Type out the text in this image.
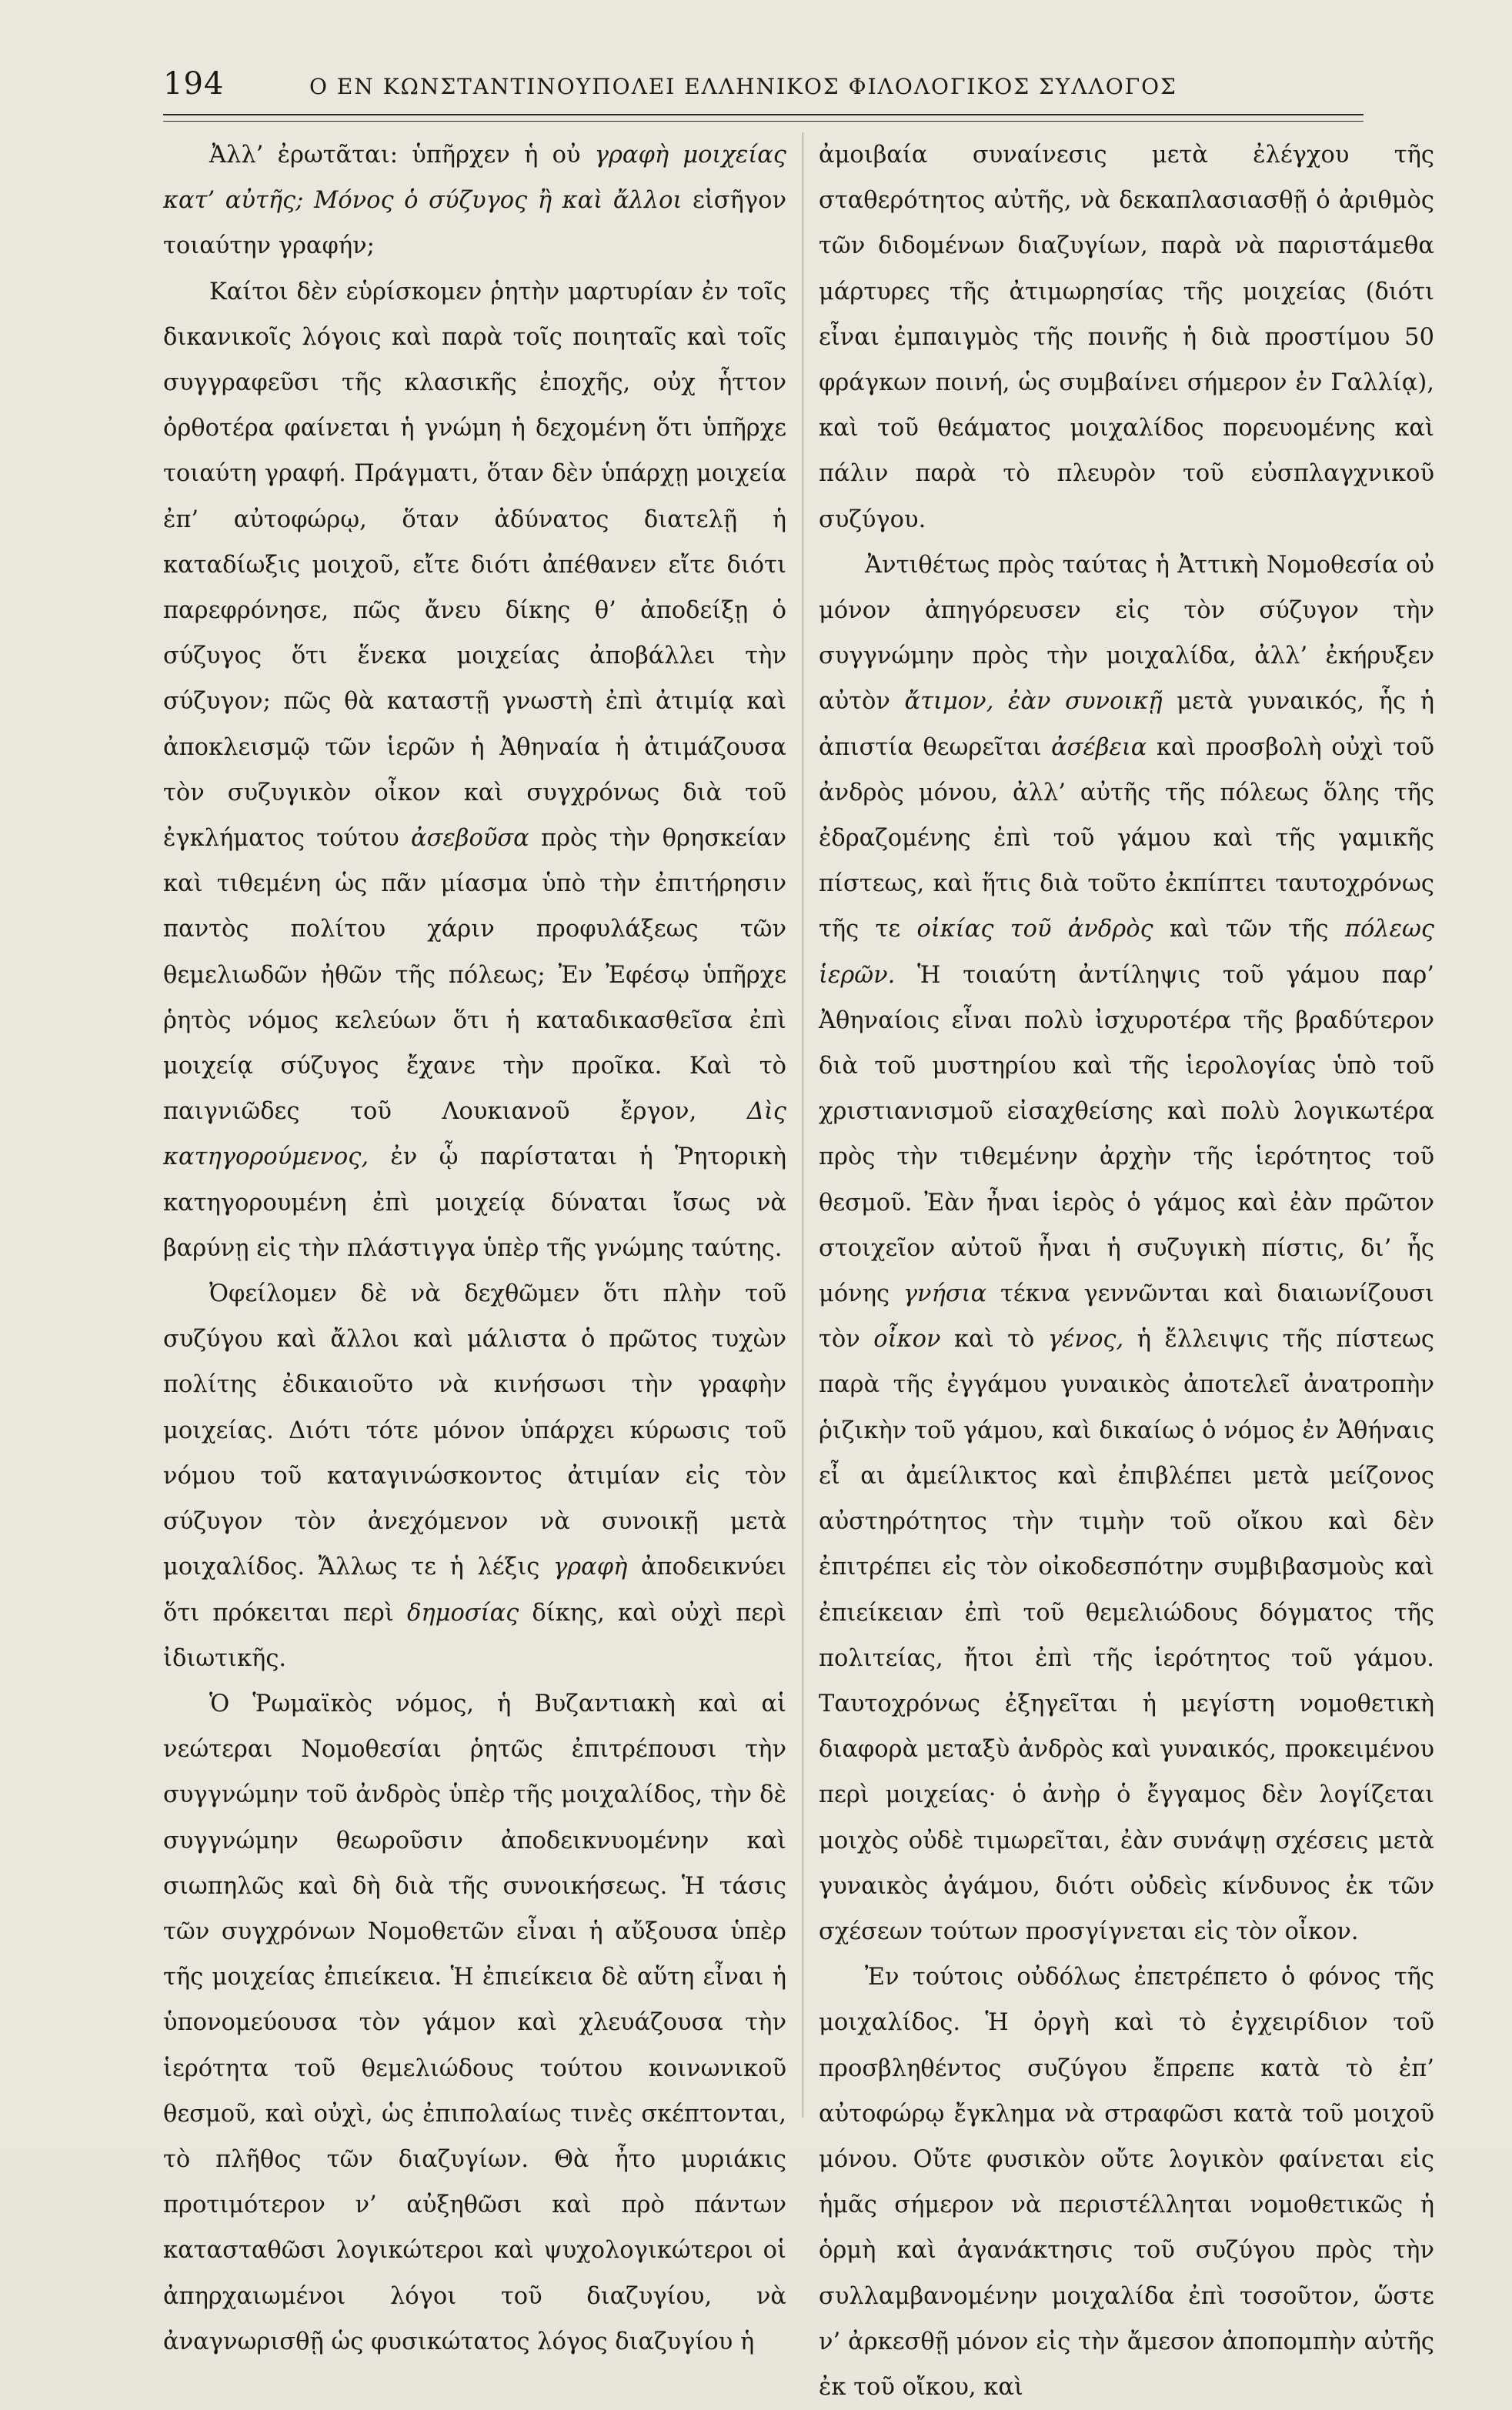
194	Ο ΕΝ ΚΩΝΣΤΑΝΤΙΝΟΥΠΟΛΕΙ ΕΛΛΗΝΙΚΟΣ ΦΙΛΟΛΟΓΙΚΟΣ ΣΥΛΛΟΓΟΣ

Ἀλλ’ ἐρωτᾶται: ὑπῆρχεν ἡ οὐ γραφὴ μοιχείας κατ’ αὐτῆς; Μόνος ὁ σύζυγος ἢ καὶ ἄλλοι εἰσῆγον τοιαύτην γραφήν;

Καίτοι δὲν εὑρίσκομεν ῥητὴν μαρτυρίαν ἐν τοῖς δικανικοῖς λόγοις καὶ παρὰ τοῖς ποιηταῖς καὶ τοῖς συγγραφεῦσι τῆς κλασικῆς ἐποχῆς, οὐχ ἧττον ὀρθοτέρα φαίνεται ἡ γνώμη ἡ δεχομένη ὅτι ὑπῆρχε τοιαύτη γραφή. Πράγματι, ὅταν δὲν ὑπάρχῃ μοιχεία ἐπ’ αὐτοφώρῳ, ὅταν ἀδύνατος διατελῇ ἡ καταδίωξις μοιχοῦ, εἴτε διότι ἀπέθανεν εἴτε διότι παρεφρόνησε, πῶς ἄνευ δίκης θ’ ἀποδείξῃ ὁ σύζυγος ὅτι ἕνεκα μοιχείας ἀποβάλλει τὴν σύζυγον; πῶς θὰ καταστῇ γνωστὴ ἐπὶ ἀτιμίᾳ καὶ ἀποκλεισμῷ τῶν ἱερῶν ἡ Ἀθηναία ἡ ἀτιμάζουσα τὸν συζυγικὸν οἶκον καὶ συγχρόνως διὰ τοῦ ἐγκλήματος τούτου ἀσεβοῦσα πρὸς τὴν θρησκείαν καὶ τιθεμένη ὡς πᾶν μίασμα ὑπὸ τὴν ἐπιτήρησιν παντὸς πολίτου χάριν προφυλάξεως τῶν θεμελιωδῶν ἠθῶν τῆς πόλεως; Ἐν Ἐφέσῳ ὑπῆρχε ῥητὸς νόμος κελεύων ὅτι ἡ καταδικασθεῖσα ἐπὶ μοιχείᾳ σύζυγος ἔχανε τὴν προῖκα. Καὶ τὸ παιγνιῶδες τοῦ Λουκιανοῦ ἔργον, Δὶς κατηγορούμενος, ἐν ᾧ παρίσταται ἡ Ῥητορικὴ κατηγορουμένη ἐπὶ μοιχείᾳ δύναται ἴσως νὰ βαρύνῃ εἰς τὴν πλάστιγγα ὑπὲρ τῆς γνώμης ταύτης.

Ὀφείλομεν δὲ νὰ δεχθῶμεν ὅτι πλὴν τοῦ συζύγου καὶ ἄλλοι καὶ μάλιστα ὁ πρῶτος τυχὼν πολίτης ἐδικαιοῦτο νὰ κινήσωσι τὴν γραφὴν μοιχείας. Διότι τότε μόνον ὑπάρχει κύρωσις τοῦ νόμου τοῦ καταγινώσκοντος ἀτιμίαν εἰς τὸν σύζυγον τὸν ἀνεχόμενον νὰ συνοικῇ μετὰ μοιχαλίδος. Ἄλλως τε ἡ λέξις γραφὴ ἀποδεικνύει ὅτι πρόκειται περὶ δημοσίας δίκης, καὶ οὐχὶ περὶ ἰδιωτικῆς.

Ὁ Ῥωμαϊκὸς νόμος, ἡ Βυζαντιακὴ καὶ αἱ νεώτεραι Νομοθεσίαι ῥητῶς ἐπιτρέπουσι τὴν συγγνώμην τοῦ ἀνδρὸς ὑπὲρ τῆς μοιχαλίδος, τὴν δὲ συγγνώμην θεωροῦσιν ἀποδεικνυομένην καὶ σιωπηλῶς καὶ δὴ διὰ τῆς συνοικήσεως. Ἡ τάσις τῶν συγχρόνων Νομοθετῶν εἶναι ἡ αὔξουσα ὑπὲρ τῆς μοιχείας ἐπιείκεια. Ἡ ἐπιείκεια δὲ αὕτη εἶναι ἡ ὑπονομεύουσα τὸν γάμον καὶ χλευάζουσα τὴν ἱερότητα τοῦ θεμελιώδους τούτου κοινωνικοῦ θεσμοῦ, καὶ οὐχὶ, ὡς ἐπιπολαίως τινὲς σκέπτονται, τὸ πλῆθος τῶν διαζυγίων. Θὰ ἦτο μυριάκις προτιμότερον ν’ αὐξηθῶσι καὶ πρὸ πάντων κατασταθῶσι λογικώτεροι καὶ ψυχολογικώτεροι οἱ ἀπηρχαιωμένοι λόγοι τοῦ διαζυγίου, νὰ ἀναγνωρισθῇ ὡς φυσικώτατος λόγος διαζυγίου ἡ

ἀμοιβαία συναίνεσις μετὰ ἐλέγχου τῆς σταθερότητος αὐτῆς, νὰ δεκαπλασιασθῇ ὁ ἀριθμὸς τῶν διδομένων διαζυγίων, παρὰ νὰ παριστάμεθα μάρτυρες τῆς ἀτιμωρησίας τῆς μοιχείας (διότι εἶναι ἐμπαιγμὸς τῆς ποινῆς ἡ διὰ προστίμου 50 φράγκων ποινή, ὡς συμβαίνει σήμερον ἐν Γαλλίᾳ), καὶ τοῦ θεάματος μοιχαλίδος πορευομένης καὶ πάλιν παρὰ τὸ πλευρὸν τοῦ εὐσπλαγχνικοῦ συζύγου.

Ἀντιθέτως πρὸς ταύτας ἡ Ἀττικὴ Νομοθεσία οὐ μόνον ἀπηγόρευσεν εἰς τὸν σύζυγον τὴν συγγνώμην πρὸς τὴν μοιχαλίδα, ἀλλ’ ἐκήρυξεν αὐτὸν ἄτιμον, ἐὰν συνοικῇ μετὰ γυναικός, ἧς ἡ ἀπιστία θεωρεῖται ἀσέβεια καὶ προσβολὴ οὐχὶ τοῦ ἀνδρὸς μόνου, ἀλλ’ αὐτῆς τῆς πόλεως ὅλης τῆς ἐδραζομένης ἐπὶ τοῦ γάμου καὶ τῆς γαμικῆς πίστεως, καὶ ἥτις διὰ τοῦτο ἐκπίπτει ταυτοχρόνως τῆς τε οἰκίας τοῦ ἀνδρὸς καὶ τῶν τῆς πόλεως ἱερῶν. Ἡ τοιαύτη ἀντίληψις τοῦ γάμου παρ’ Ἀθηναίοις εἶναι πολὺ ἰσχυροτέρα τῆς βραδύτερον διὰ τοῦ μυστηρίου καὶ τῆς ἱερολογίας ὑπὸ τοῦ χριστιανισμοῦ εἰσαχθείσης καὶ πολὺ λογικωτέρα πρὸς τὴν τιθεμένην ἀρχὴν τῆς ἱερότητος τοῦ θεσμοῦ. Ἐὰν ἦναι ἱερὸς ὁ γάμος καὶ ἐὰν πρῶτον στοιχεῖον αὐτοῦ ἦναι ἡ συζυγικὴ πίστις, δι’ ἧς μόνης γνήσια τέκνα γεννῶνται καὶ διαιωνίζουσι τὸν οἶκον καὶ τὸ γένος, ἡ ἔλλειψις τῆς πίστεως παρὰ τῆς ἐγγάμου γυναικὸς ἀποτελεῖ ἀνατροπὴν ῥιζικὴν τοῦ γάμου, καὶ δικαίως ὁ νόμος ἐν Ἀθήναις εἶ αι ἀμείλικτος καὶ ἐπιβλέπει μετὰ μείζονος αὐστηρότητος τὴν τιμὴν τοῦ οἴκου καὶ δὲν ἐπιτρέπει εἰς τὸν οἰκοδεσπότην συμβιβασμοὺς καὶ ἐπιείκειαν ἐπὶ τοῦ θεμελιώδους δόγματος τῆς πολιτείας, ἤτοι ἐπὶ τῆς ἱερότητος τοῦ γάμου. Ταυτοχρόνως ἐξηγεῖται ἡ μεγίστη νομοθετικὴ διαφορὰ μεταξὺ ἀνδρὸς καὶ γυναικός, προκειμένου περὶ μοιχείας· ὁ ἀνὴρ ὁ ἔγγαμος δὲν λογίζεται μοιχὸς οὐδὲ τιμωρεῖται, ἐὰν συνάψῃ σχέσεις μετὰ γυναικὸς ἀγάμου, διότι οὐδεὶς κίνδυνος ἐκ τῶν σχέσεων τούτων προσγίγνεται εἰς τὸν οἶκον.

Ἐν τούτοις οὐδόλως ἐπετρέπετο ὁ φόνος τῆς μοιχαλίδος. Ἡ ὀργὴ καὶ τὸ ἐγχειρίδιον τοῦ προσβληθέντος συζύγου ἔπρεπε κατὰ τὸ ἐπ’ αὐτοφώρῳ ἔγκλημα νὰ στραφῶσι κατὰ τοῦ μοιχοῦ μόνου. Οὔτε φυσικὸν οὔτε λογικὸν φαίνεται εἰς ἡμᾶς σήμερον νὰ περιστέλληται νομοθετικῶς ἡ ὁρμὴ καὶ ἀγανάκτησις τοῦ συζύγου πρὸς τὴν συλλαμβανομένην μοιχαλίδα ἐπὶ τοσοῦτον, ὥστε ν’ ἀρκεσθῇ μόνον εἰς τὴν ἄμεσον ἀποπομπὴν αὐτῆς ἐκ τοῦ οἴκου, καὶ
